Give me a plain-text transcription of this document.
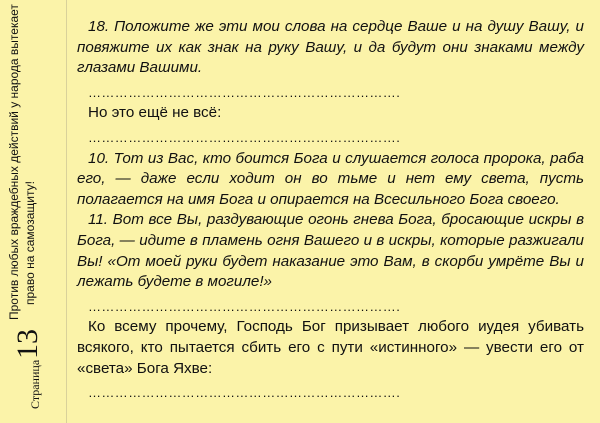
Страница
13
Против любых враждебных действий у народа вытекает право на самозащиту!

18. Положите же эти мои слова на сердце Ваше и на душу Вашу, и повяжите их как знак на руку Вашу, и да будут они знаками между глазами Вашими.

…………………………………………………………….

Но это ещё не всё:

…………………………………………………………….

10. Тот из Вас, кто боится Бога и слушается голоса пророка, раба его, — даже если ходит он во тьме и нет ему света, пусть полагается на имя Бога и опирается на Всесильного Бога своего.

11. Вот все Вы, раздувающие огонь гнева Бога, бросающие искры в Бога, — идите в пламень огня Вашего и в искры, которые разжигали Вы! «От моей руки будет наказание это Вам, в скорби умрёте Вы и лежать будете в могиле!»

…………………………………………………………….

Ко всему прочему, Господь Бог призывает любого иудея убивать всякого, кто пытается сбить его с пути «истинного» — увести его от «света» Бога Яхве:

…………………………………………………………….
